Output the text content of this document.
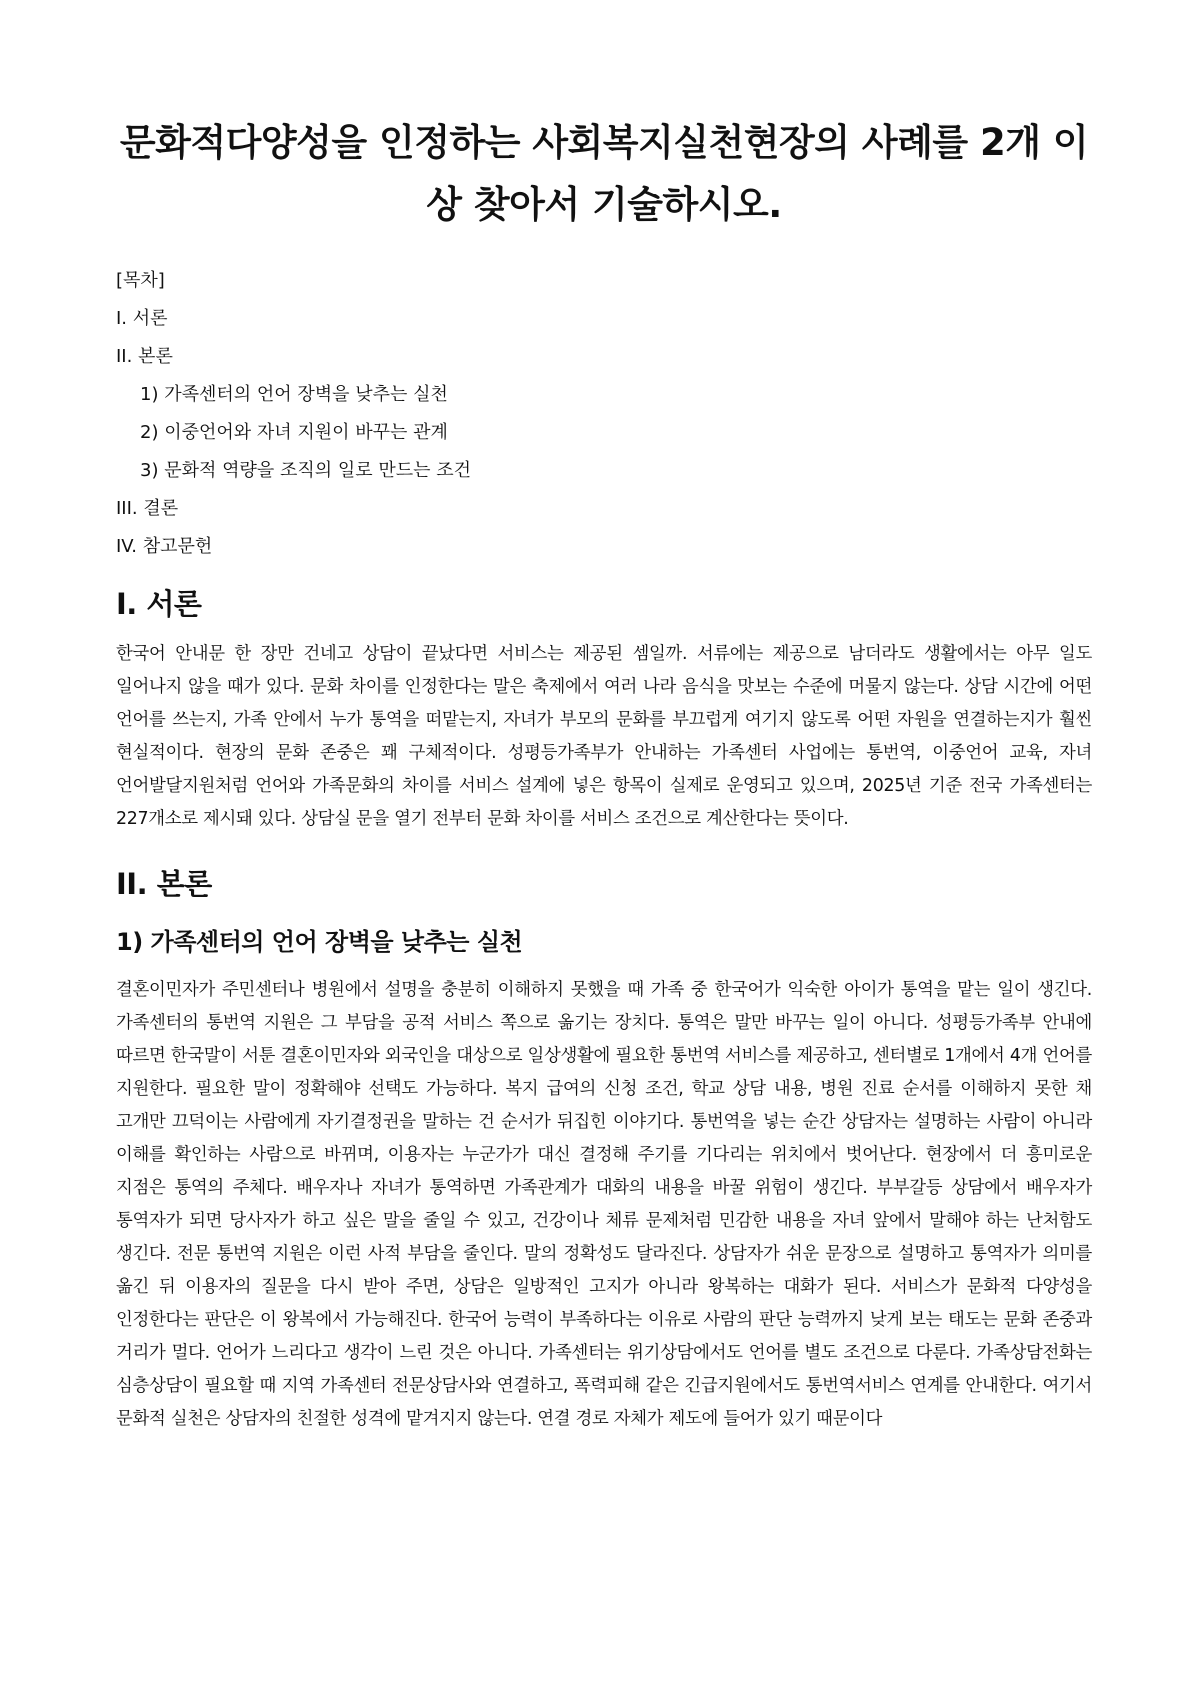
문화적다양성을 인정하는 사회복지실천현장의 사례를 2개 이상 찾아서 기술하시오.
[목차]
I. 서론
II. 본론
1) 가족센터의 언어 장벽을 낮추는 실천
2) 이중언어와 자녀 지원이 바꾸는 관계
3) 문화적 역량을 조직의 일로 만드는 조건
III. 결론
IV. 참고문헌
I. 서론

한국어 안내문 한 장만 건네고 상담이 끝났다면 서비스는 제공된 셈일까. 서류에는 제공으로 남더라도 생활에서는 아무 일도 일어나지 않을 때가 있다. 문화 차이를 인정한다는 말은 축제에서 여러 나라 음식을 맛보는 수준에 머물지 않는다. 상담 시간에 어떤 언어를 쓰는지, 가족 안에서 누가 통역을 떠맡는지, 자녀가 부모의 문화를 부끄럽게 여기지 않도록 어떤 자원을 연결하는지가 훨씬 현실적이다. 현장의 문화 존중은 꽤 구체적이다. 성평등가족부가 안내하는 가족센터 사업에는 통번역, 이중언어 교육, 자녀 언어발달지원처럼 언어와 가족문화의 차이를 서비스 설계에 넣은 항목이 실제로 운영되고 있으며, 2025년 기준 전국 가족센터는 227개소로 제시돼 있다. 상담실 문을 열기 전부터 문화 차이를 서비스 조건으로 계산한다는 뜻이다.

II. 본론
1) 가족센터의 언어 장벽을 낮추는 실천

결혼이민자가 주민센터나 병원에서 설명을 충분히 이해하지 못했을 때 가족 중 한국어가 익숙한 아이가 통역을 맡는 일이 생긴다. 가족센터의 통번역 지원은 그 부담을 공적 서비스 쪽으로 옮기는 장치다. 통역은 말만 바꾸는 일이 아니다. 성평등가족부 안내에 따르면 한국말이 서툰 결혼이민자와 외국인을 대상으로 일상생활에 필요한 통번역 서비스를 제공하고, 센터별로 1개에서 4개 언어를 지원한다. 필요한 말이 정확해야 선택도 가능하다. 복지 급여의 신청 조건, 학교 상담 내용, 병원 진료 순서를 이해하지 못한 채 고개만 끄덕이는 사람에게 자기결정권을 말하는 건 순서가 뒤집힌 이야기다. 통번역을 넣는 순간 상담자는 설명하는 사람이 아니라 이해를 확인하는 사람으로 바뀌며, 이용자는 누군가가 대신 결정해 주기를 기다리는 위치에서 벗어난다. 현장에서 더 흥미로운 지점은 통역의 주체다. 배우자나 자녀가 통역하면 가족관계가 대화의 내용을 바꿀 위험이 생긴다. 부부갈등 상담에서 배우자가 통역자가 되면 당사자가 하고 싶은 말을 줄일 수 있고, 건강이나 체류 문제처럼 민감한 내용을 자녀 앞에서 말해야 하는 난처함도 생긴다. 전문 통번역 지원은 이런 사적 부담을 줄인다. 말의 정확성도 달라진다. 상담자가 쉬운 문장으로 설명하고 통역자가 의미를 옮긴 뒤 이용자의 질문을 다시 받아 주면, 상담은 일방적인 고지가 아니라 왕복하는 대화가 된다. 서비스가 문화적 다양성을 인정한다는 판단은 이 왕복에서 가능해진다. 한국어 능력이 부족하다는 이유로 사람의 판단 능력까지 낮게 보는 태도는 문화 존중과 거리가 멀다. 언어가 느리다고 생각이 느린 것은 아니다. 가족센터는 위기상담에서도 언어를 별도 조건으로 다룬다. 가족상담전화는 심층상담이 필요할 때 지역 가족센터 전문상담사와 연결하고, 폭력피해 같은 긴급지원에서도 통번역서비스 연계를 안내한다. 여기서 문화적 실천은 상담자의 친절한 성격에 맡겨지지 않는다. 연결 경로 자체가 제도에 들어가 있기 때문이다
